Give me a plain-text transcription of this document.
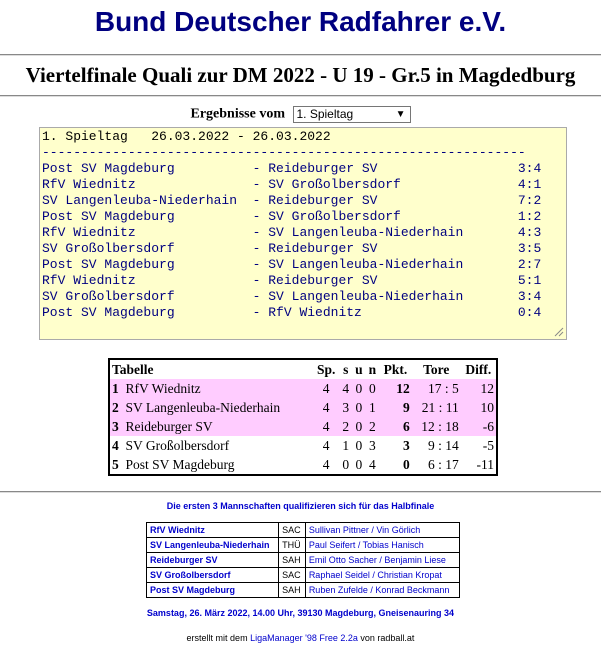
Bund Deutscher Radfahrer e.V.
Viertelfinale Quali zur DM 2022 - U 19 - Gr.5 in Magdedburg
Ergebnisse vom 1. Spieltag	▼
1. Spieltag   26.03.2022 - 26.03.2022
--------------------------------------------------------------
Post SV Magdeburg          - Reideburger SV                  3:4
RfV Wiednitz               - SV Großolbersdorf               4:1
SV Langenleuba-Niederhain  - Reideburger SV                  7:2
Post SV Magdeburg          - SV Großolbersdorf               1:2
RfV Wiednitz               - SV Langenleuba-Niederhain       4:3
SV Großolbersdorf          - Reideburger SV                  3:5
Post SV Magdeburg          - SV Langenleuba-Niederhain       2:7
RfV Wiednitz               - Reideburger SV                  5:1
SV Großolbersdorf          - SV Langenleuba-Niederhain       3:4
Post SV Magdeburg          - RfV Wiednitz                    0:4
Tabelle	Sp.	s	u	n	Pkt.	Tore	Diff.
1 RfV Wiednitz	4	4	0	0	12	17 : 5	12
2 SV Langenleuba-Niederhain	4	3	0	1	9	21 : 11	10
3 Reideburger SV	4	2	0	2	6	12 : 18	-6
4 SV Großolbersdorf	4	1	0	3	3	9 : 14	-5
5 Post SV Magdeburg	4	0	0	4	0	6 : 17	-11
Die ersten 3 Mannschaften qualifizieren sich für das Halbfinale
RfV Wiednitz	SAC	Sullivan Pittner / Vin Görlich
SV Langenleuba-Niederhain	THÜ	Paul Seifert / Tobias Hanisch
Reideburger SV	SAH	Emil Otto Sacher / Benjamin Liese
SV Großolbersdorf	SAC	Raphael Seidel / Christian Kropat
Post SV Magdeburg	SAH	Ruben Zufelde / Konrad Beckmann
Samstag, 26. März 2022, 14.00 Uhr, 39130 Magdeburg, Gneisenauring 34
erstellt mit dem LigaManager '98 Free 2.2a von radball.at
